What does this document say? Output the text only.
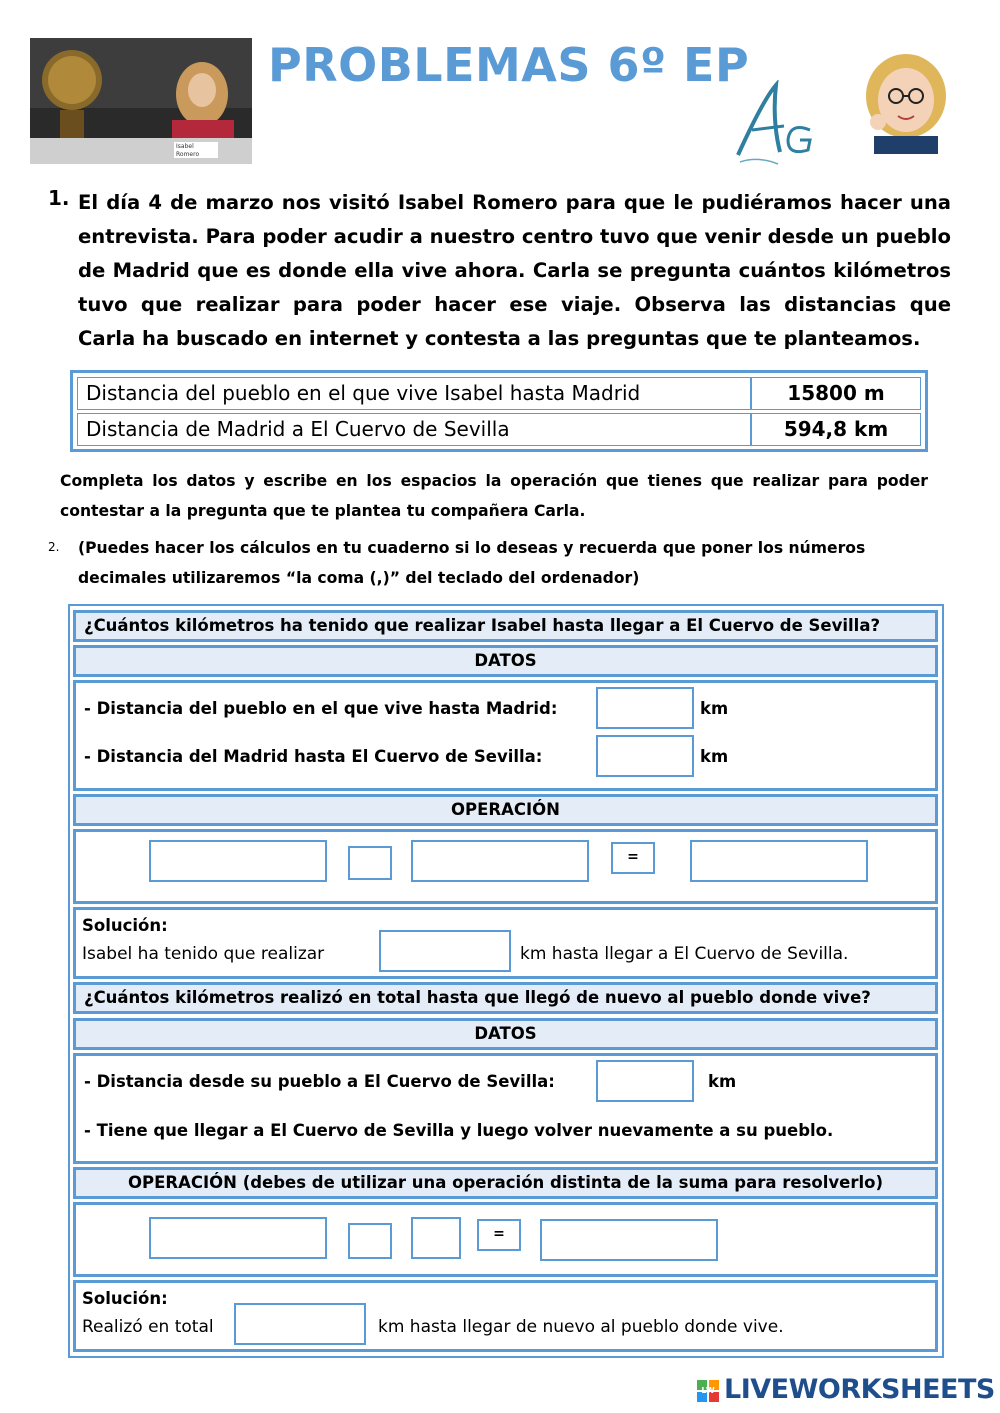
Isabel
Romero
PROBLEMAS 6º EP
1. El día 4 de marzo nos visitó Isabel Romero para que le pudiéramos hacer una
entrevista. Para poder acudir a nuestro centro tuvo que venir desde un pueblo
de Madrid que es donde ella vive ahora. Carla se pregunta cuántos kilómetros
tuvo que realizar para poder hacer ese viaje. Observa las distancias que
Carla ha buscado en internet y contesta a las preguntas que te planteamos.
Distancia del pueblo en el que vive Isabel hasta Madrid	15800 m
Distancia de Madrid a El Cuervo de Sevilla	594,8 km
Completa los datos y escribe en los espacios la operación que tienes que realizar para poder contestar a la pregunta que te plantea tu compañera Carla.
2. (Puedes hacer los cálculos en tu cuaderno si lo deseas y recuerda que poner los números
decimales utilizaremos “la coma (,)” del teclado del ordenador)
¿Cuántos kilómetros ha tenido que realizar Isabel hasta llegar a El Cuervo de Sevilla?
DATOS
- Distancia del pueblo en el que vive hasta Madrid:	km
- Distancia del Madrid hasta El Cuervo de Sevilla:	km
OPERACIÓN
=
Solución:
Isabel ha tenido que realizar	km hasta llegar a El Cuervo de Sevilla.
¿Cuántos kilómetros realizó en total hasta que llegó de nuevo al pueblo donde vive?
DATOS
- Distancia desde su pueblo a El Cuervo de Sevilla:	km
- Tiene que llegar a El Cuervo de Sevilla y luego volver nuevamente a su pueblo.
OPERACIÓN (debes de utilizar una operación distinta de la suma para resolverlo)
=
Solución:
Realizó en total	km hasta llegar de nuevo al pueblo donde vive.
LW LIVEWORKSHEETS
